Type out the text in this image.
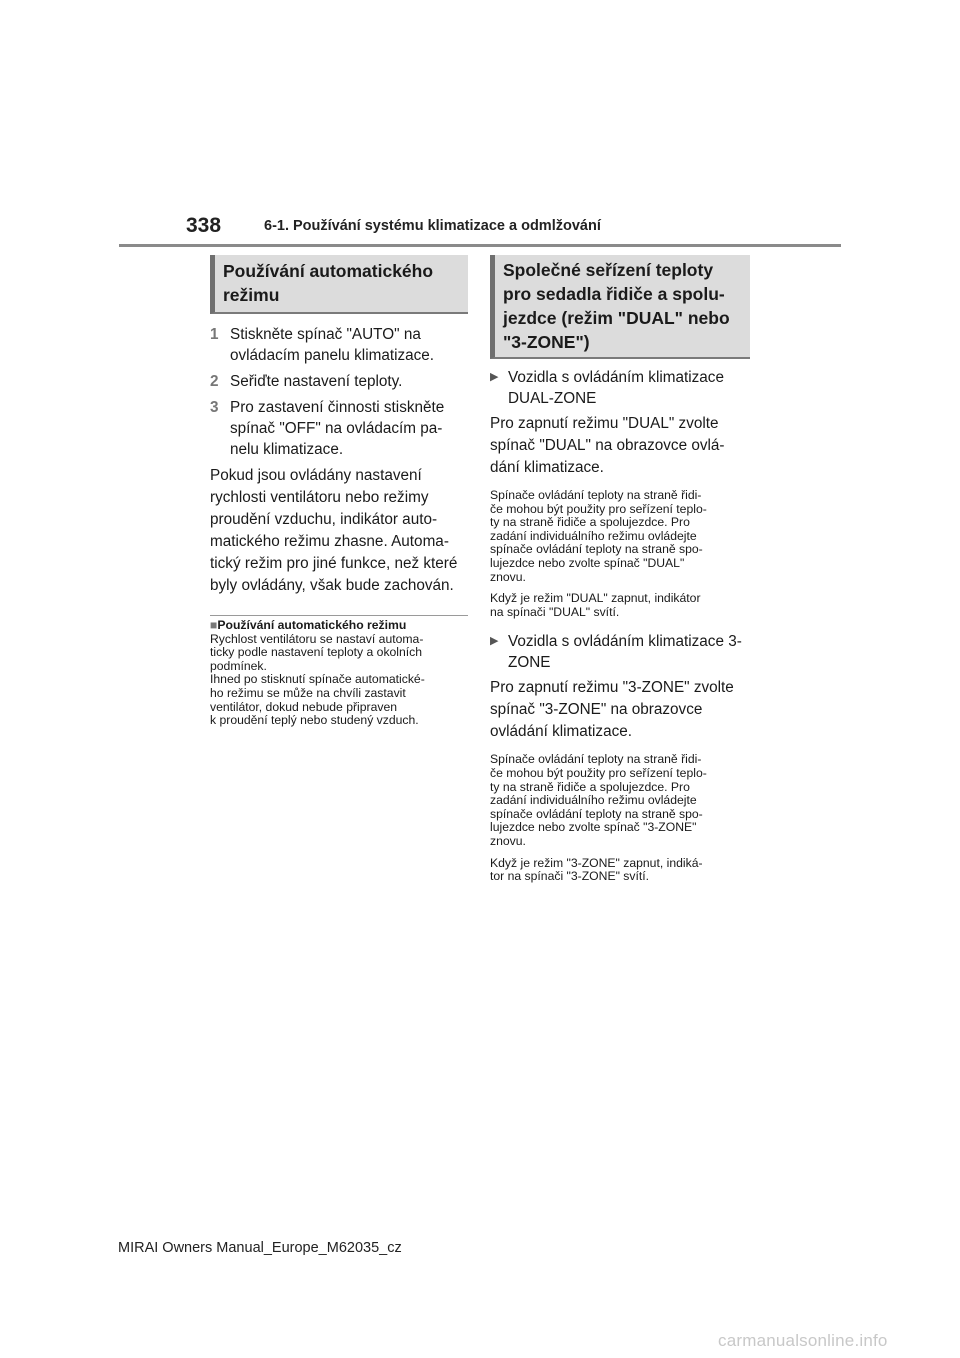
338	6-1. Používání systému klimatizace a odmlžování
Používání automatického režimu
1 Stiskněte spínač "AUTO" na ovládacím panelu klimatizace.
2 Seřiďte nastavení teploty.
3 Pro zastavení činnosti stiskněte spínač "OFF" na ovládacím pa-nelu klimatizace.
Pokud jsou ovládány nastavení rychlosti ventilátoru nebo režimy proudění vzduchu, indikátor auto-matického režimu zhasne. Automa-tický režim pro jiné funkce, než které byly ovládány, však bude zachován.
■Používání automatického režimu
Rychlost ventilátoru se nastaví automa-
ticky podle nastavení teploty a okolních
podmínek.
Ihned po stisknutí spínače automatické-
ho režimu se může na chvíli zastavit
ventilátor, dokud nebude připraven
k proudění teplý nebo studený vzduch.
Společné seřízení teploty
pro sedadla řidiče a spolu-
jezdce (režim "DUAL" nebo
"3-ZONE")
▶ Vozidla s ovládáním klimatizace DUAL-ZONE
Pro zapnutí režimu "DUAL" zvolte spínač "DUAL" na obrazovce ovlá-dání klimatizace.
Spínače ovládání teploty na straně řidi-
če mohou být použity pro seřízení teplo-
ty na straně řidiče a spolujezdce. Pro
zadání individuálního režimu ovládejte
spínače ovládání teploty na straně spo-
lujezdce nebo zvolte spínač "DUAL"
znovu.
Když je režim "DUAL" zapnut, indikátor
na spínači "DUAL" svítí.
▶ Vozidla s ovládáním klimatizace 3-ZONE
Pro zapnutí režimu "3-ZONE" zvolte spínač "3-ZONE" na obrazovce ovládání klimatizace.
Spínače ovládání teploty na straně řidi-
če mohou být použity pro seřízení teplo-
ty na straně řidiče a spolujezdce. Pro
zadání individuálního režimu ovládejte
spínače ovládání teploty na straně spo-
lujezdce nebo zvolte spínač "3-ZONE"
znovu.
Když je režim "3-ZONE" zapnut, indiká-
tor na spínači "3-ZONE" svítí.
MIRAI Owners Manual_Europe_M62035_cz
carmanualsonline.info
